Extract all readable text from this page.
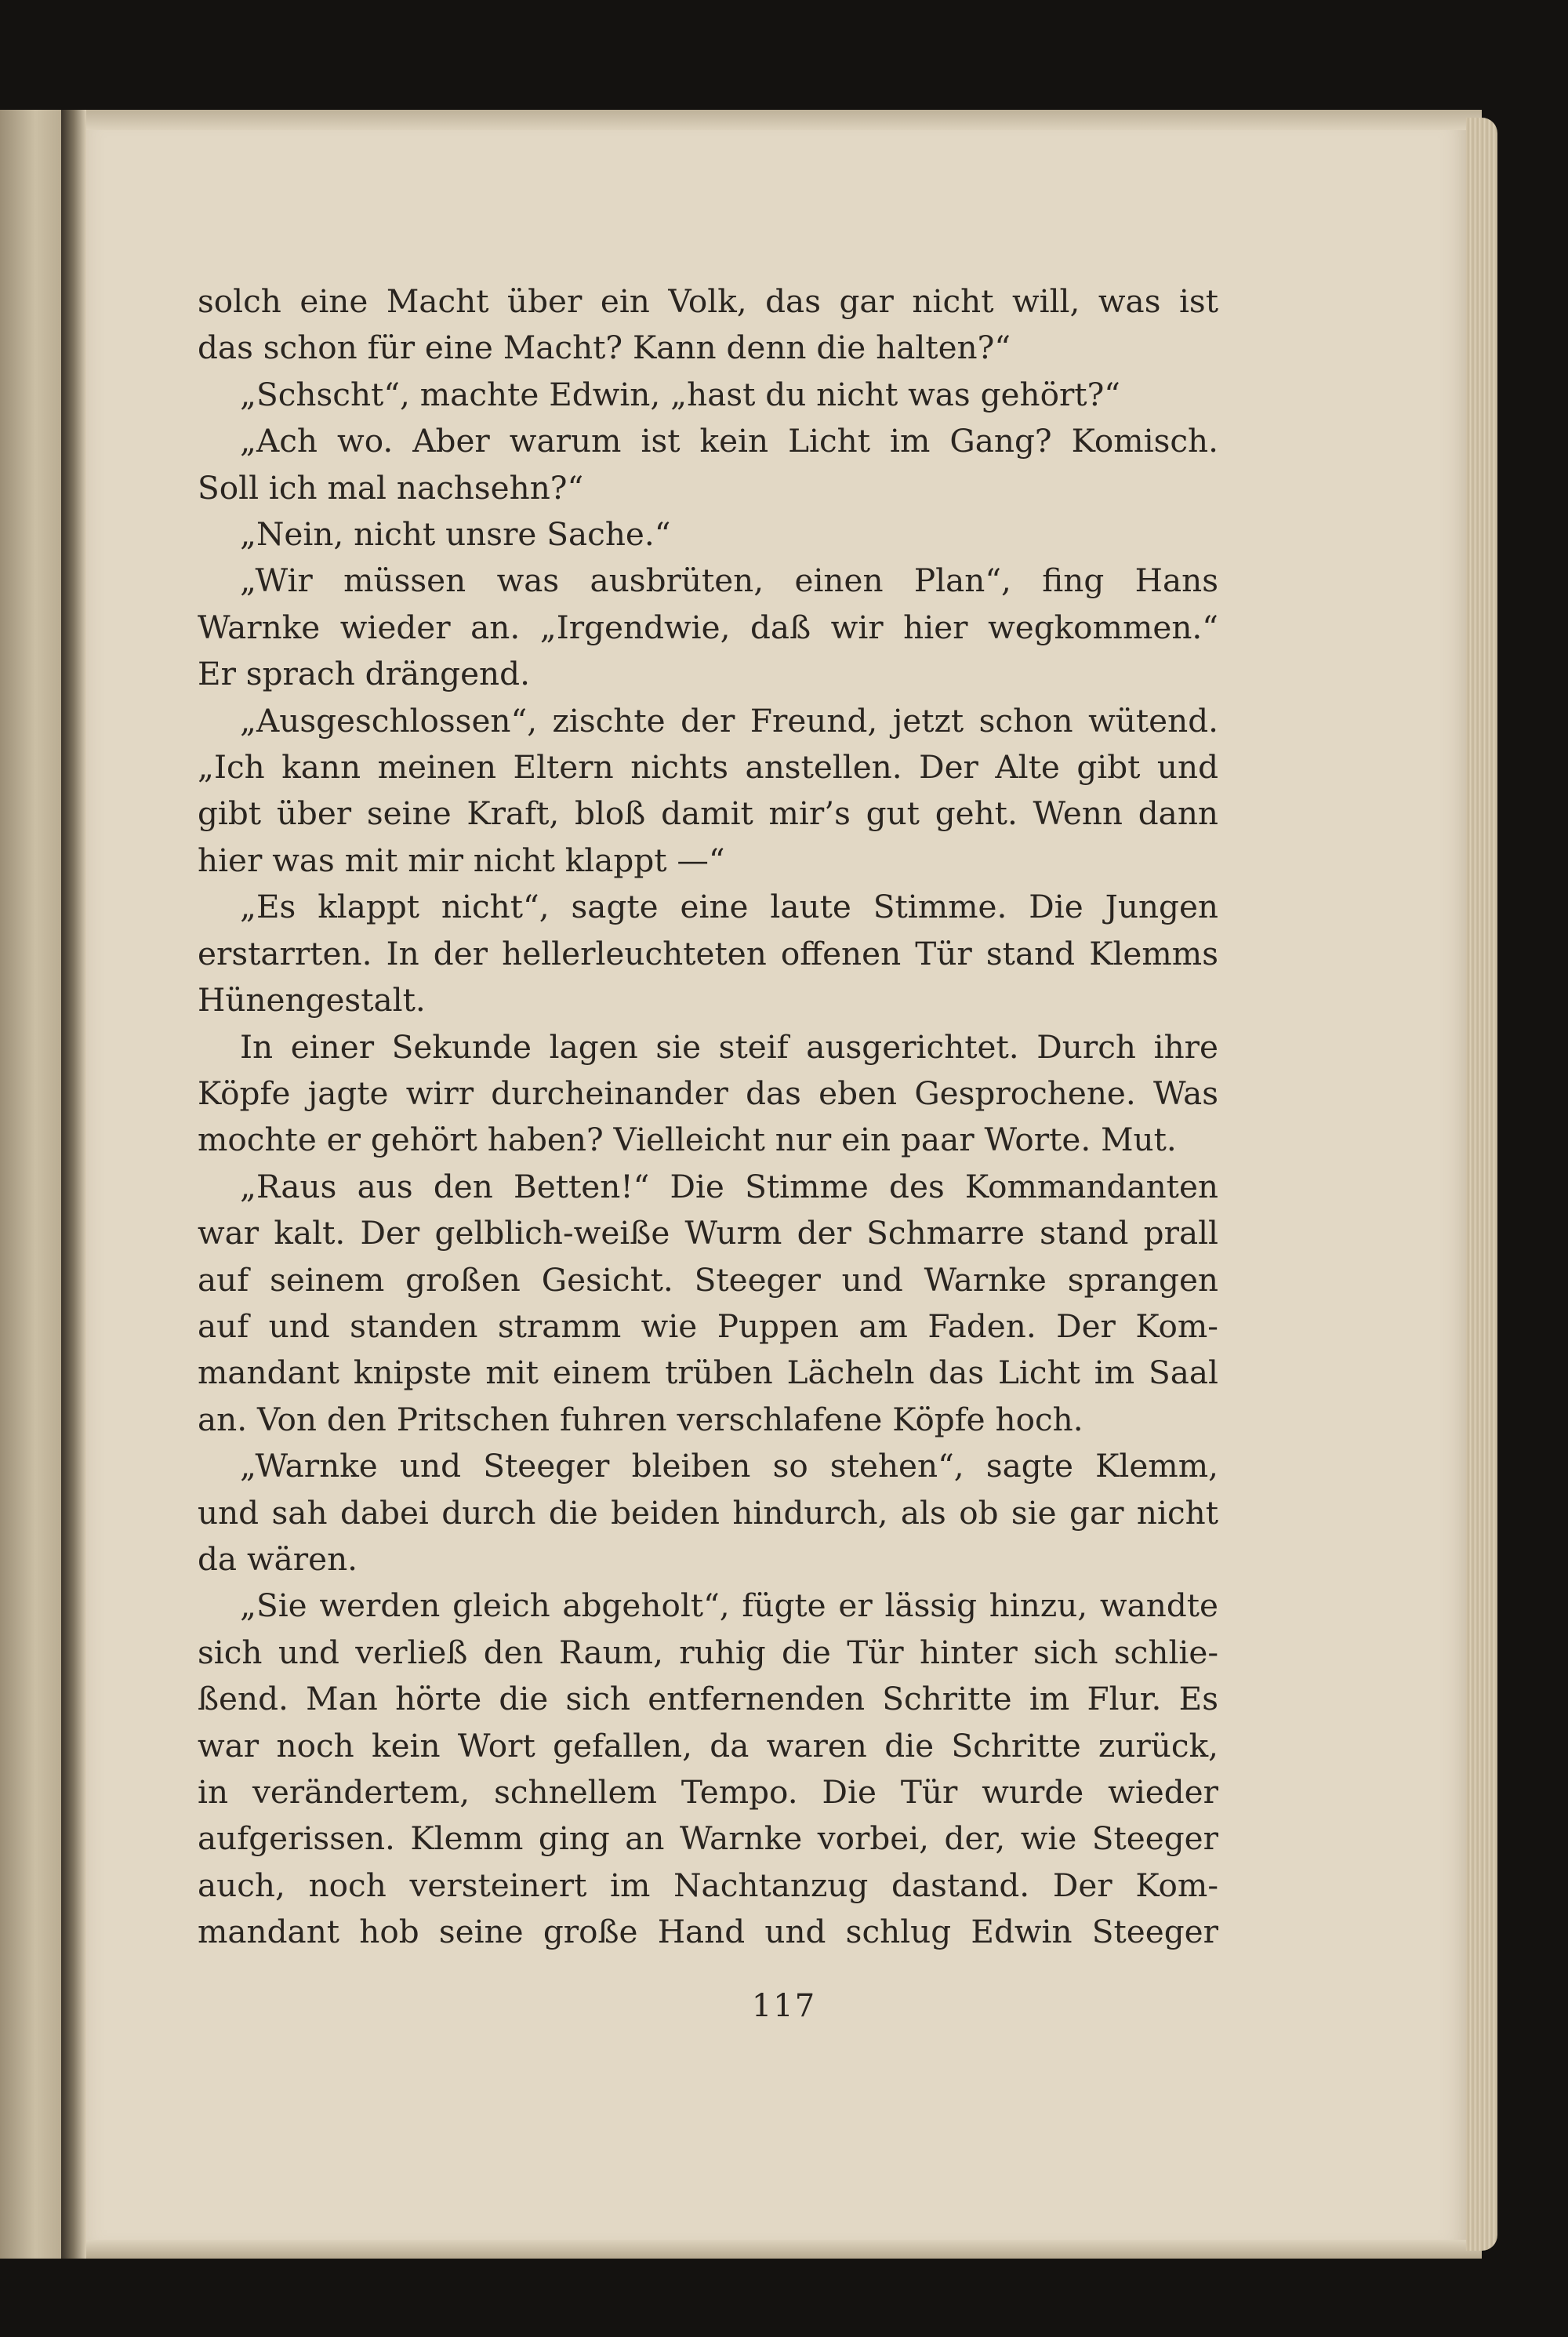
solch eine Macht über ein Volk, das gar nicht will, was ist
das schon für eine Macht? Kann denn die halten?“
„Schscht“, machte Edwin, „hast du nicht was gehört?“
„Ach wo. Aber warum ist kein Licht im Gang? Komisch.
Soll ich mal nachsehn?“
„Nein, nicht unsre Sache.“
„Wir müssen was ausbrüten, einen Plan“, fing Hans
Warnke wieder an. „Irgendwie, daß wir hier wegkommen.“
Er sprach drängend.
„Ausgeschlossen“, zischte der Freund, jetzt schon wütend.
„Ich kann meinen Eltern nichts anstellen. Der Alte gibt und
gibt über seine Kraft, bloß damit mir’s gut geht. Wenn dann
hier was mit mir nicht klappt —“
„Es klappt nicht“, sagte eine laute Stimme. Die Jungen
erstarrten. In der hellerleuchteten offenen Tür stand Klemms
Hünengestalt.
In einer Sekunde lagen sie steif ausgerichtet. Durch ihre
Köpfe jagte wirr durcheinander das eben Gesprochene. Was
mochte er gehört haben? Vielleicht nur ein paar Worte. Mut.
„Raus aus den Betten!“ Die Stimme des Kommandanten
war kalt. Der gelblich-weiße Wurm der Schmarre stand prall
auf seinem großen Gesicht. Steeger und Warnke sprangen
auf und standen stramm wie Puppen am Faden. Der Kom-
mandant knipste mit einem trüben Lächeln das Licht im Saal
an. Von den Pritschen fuhren verschlafene Köpfe hoch.
„Warnke und Steeger bleiben so stehen“, sagte Klemm,
und sah dabei durch die beiden hindurch, als ob sie gar nicht
da wären.
„Sie werden gleich abgeholt“, fügte er lässig hinzu, wandte
sich und verließ den Raum, ruhig die Tür hinter sich schlie-
ßend. Man hörte die sich entfernenden Schritte im Flur. Es
war noch kein Wort gefallen, da waren die Schritte zurück,
in verändertem, schnellem Tempo. Die Tür wurde wieder
aufgerissen. Klemm ging an Warnke vorbei, der, wie Steeger
auch, noch versteinert im Nachtanzug dastand. Der Kom-
mandant hob seine große Hand und schlug Edwin Steeger
117
